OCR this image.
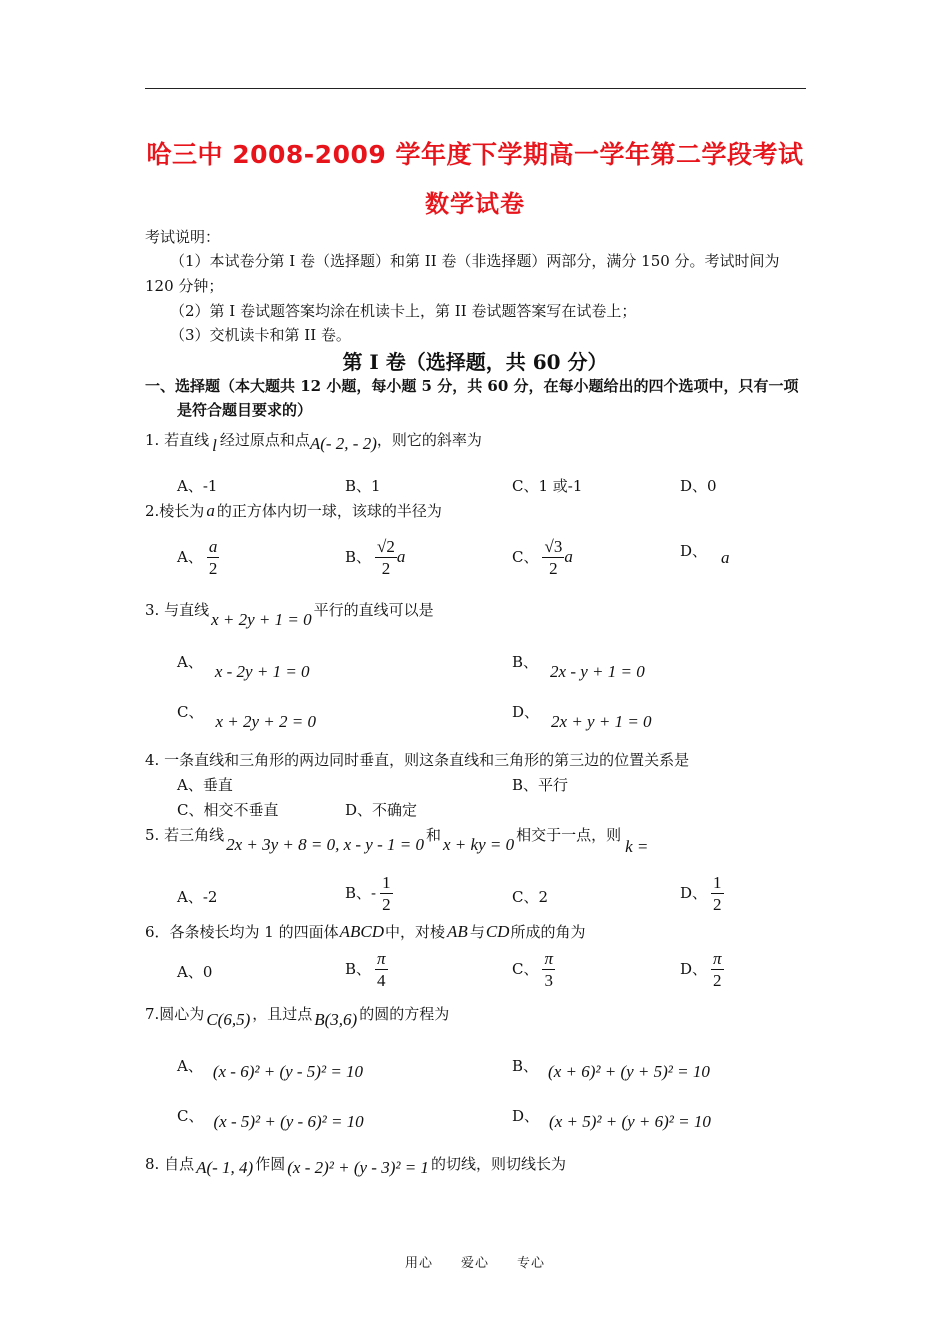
哈三中 2008-2009 学年度下学期高一学年第二学段考试
数学试卷
考试说明：
（1）本试卷分第 I 卷（选择题）和第 II 卷（非选择题）两部分，满分 150 分。考试时间为
120 分钟；
（2）第 I 卷试题答案均涂在机读卡上，第 II 卷试题答案写在试卷上；
（3）交机读卡和第 II 卷。
第 I 卷（选择题，共 60 分）
一、选择题（本大题共 12 小题，每小题 5 分，共 60 分，在每小题给出的四个选项中，只有一项
是符合题目要求的）
1. 若直线 l 经过原点和点A(- 2, - 2)，则它的斜率为
A、-1	B、1	C、1 或-1	D、0
2.棱长为 a 的正方体内切一球，该球的半径为
A、 $\frac{a}{2}$	B、 $\frac{√2}{2}$ a	C、 $\frac{√3}{2}$ a	D、 a
3. 与直线 x + 2y + 1 = 0 平行的直线可以是
A、 x - 2y + 1 = 0	B、 2x - y + 1 = 0
C、 x + 2y + 2 = 0	D、 2x + y + 1 = 0
4. 一条直线和三角形的两边同时垂直，则这条直线和三角形的第三边的位置关系是
A、垂直	B、平行
C、相交不垂直	D、不确定
5. 若三角线 2x + 3y + 8 = 0, x - y - 1 = 0 和 x + ky = 0 相交于一点，则k =
A、-2	B、- $\frac{1}{2}$	C、2	D、 $\frac{1}{2}$
6．各条棱长均为 1 的四面体ABCD中，对棱 AB 与CD所成的角为
A、0	B、 $\frac{\pi}{4}$	C、 $\frac{\pi}{3}$	D、 $\frac{\pi}{2}$
7.圆心为 C(6,5) ，且过点 B(3,6) 的圆的方程为
A、 (x - 6)² + (y - 5)² = 10	B、 (x + 6)² + (y + 5)² = 10
C、 (x - 5)² + (y - 6)² = 10	D、 (x + 5)² + (y + 6)² = 10
8. 自点 A(- 1, 4) 作圆 (x - 2)² + (y - 3)² = 1 的切线，则切线长为
用心 爱心 专心
